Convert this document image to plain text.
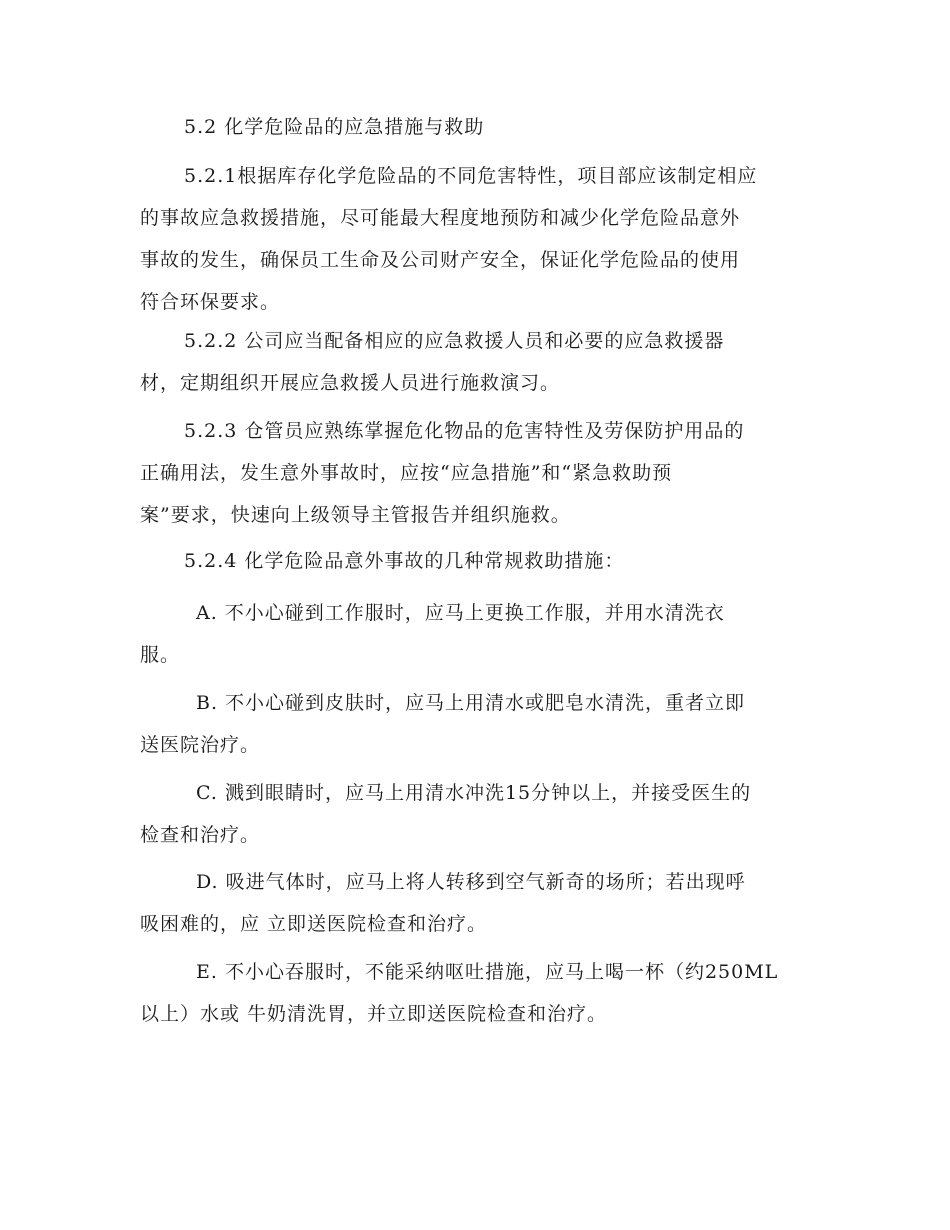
5.2 化学危险品的应急措施与救助

5.2.1根据库存化学危险品的不同危害特性，项目部应该制定相应
的事故应急救援措施，尽可能最大程度地预防和减少化学危险品意外
事故的发生，确保员工生命及公司财产安全，保证化学危险品的使用
符合环保要求。

5.2.2 公司应当配备相应的应急救援人员和必要的应急救援器
材，定期组织开展应急救援人员进行施救演习。

5.2.3 仓管员应熟练掌握危化物品的危害特性及劳保防护用品的
正确用法，发生意外事故时，应按“应急措施”和“紧急救助预
案”要求，快速向上级领导主管报告并组织施救。

5.2.4 化学危险品意外事故的几种常规救助措施：

A. 不小心碰到工作服时，应马上更换工作服，并用水清洗衣
服。

B. 不小心碰到皮肤时，应马上用清水或肥皂水清洗，重者立即
送医院治疗。

C. 溅到眼睛时，应马上用清水冲洗15分钟以上，并接受医生的
检查和治疗。

D. 吸进气体时，应马上将人转移到空气新奇的场所；若出现呼
吸困难的，应 立即送医院检查和治疗。

E. 不小心吞服时，不能采纳呕吐措施，应马上喝一杯（约250ML
以上）水或 牛奶清洗胃，并立即送医院检查和治疗。
